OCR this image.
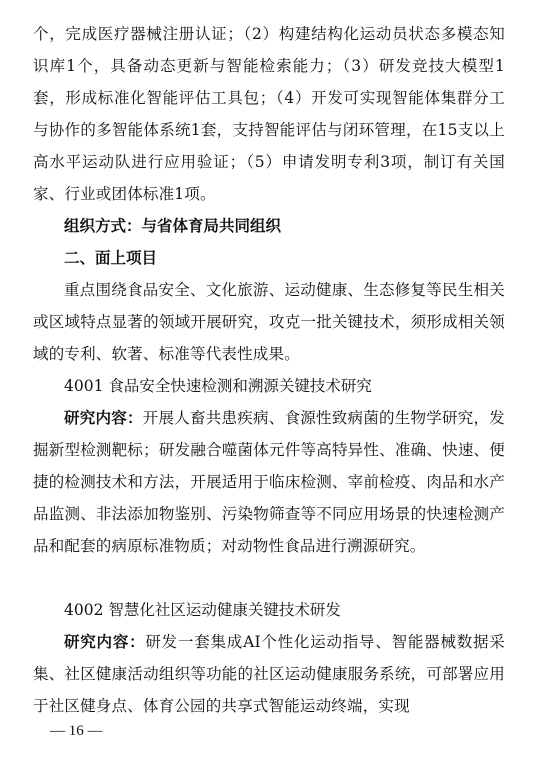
个，完成医疗器械注册认证；（2）构建结构化运动员状态多模态知识库1个，具备动态更新与智能检索能力；（3）研发竞技大模型1套，形成标准化智能评估工具包；（4）开发可实现智能体集群分工与协作的多智能体系统1套，支持智能评估与闭环管理，在15支以上高水平运动队进行应用验证；（5）申请发明专利3项，制订有关国家、行业或团体标准1项。
组织方式：与省体育局共同组织
二、面上项目
重点围绕食品安全、文化旅游、运动健康、生态修复等民生相关或区域特点显著的领域开展研究，攻克一批关键技术，须形成相关领域的专利、软著、标准等代表性成果。
4001 食品安全快速检测和溯源关键技术研究
研究内容：开展人畜共患疾病、食源性致病菌的生物学研究，发掘新型检测靶标；研发融合噬菌体元件等高特异性、准确、快速、便捷的检测技术和方法，开展适用于临床检测、宰前检疫、肉品和水产品监测、非法添加物鉴别、污染物筛查等不同应用场景的快速检测产品和配套的病原标准物质；对动物性食品进行溯源研究。
4002 智慧化社区运动健康关键技术研发
研究内容：研发一套集成AI个性化运动指导、智能器械数据采集、社区健康活动组织等功能的社区运动健康服务系统，可部署应用于社区健身点、体育公园的共享式智能运动终端，实现
— 16 —
